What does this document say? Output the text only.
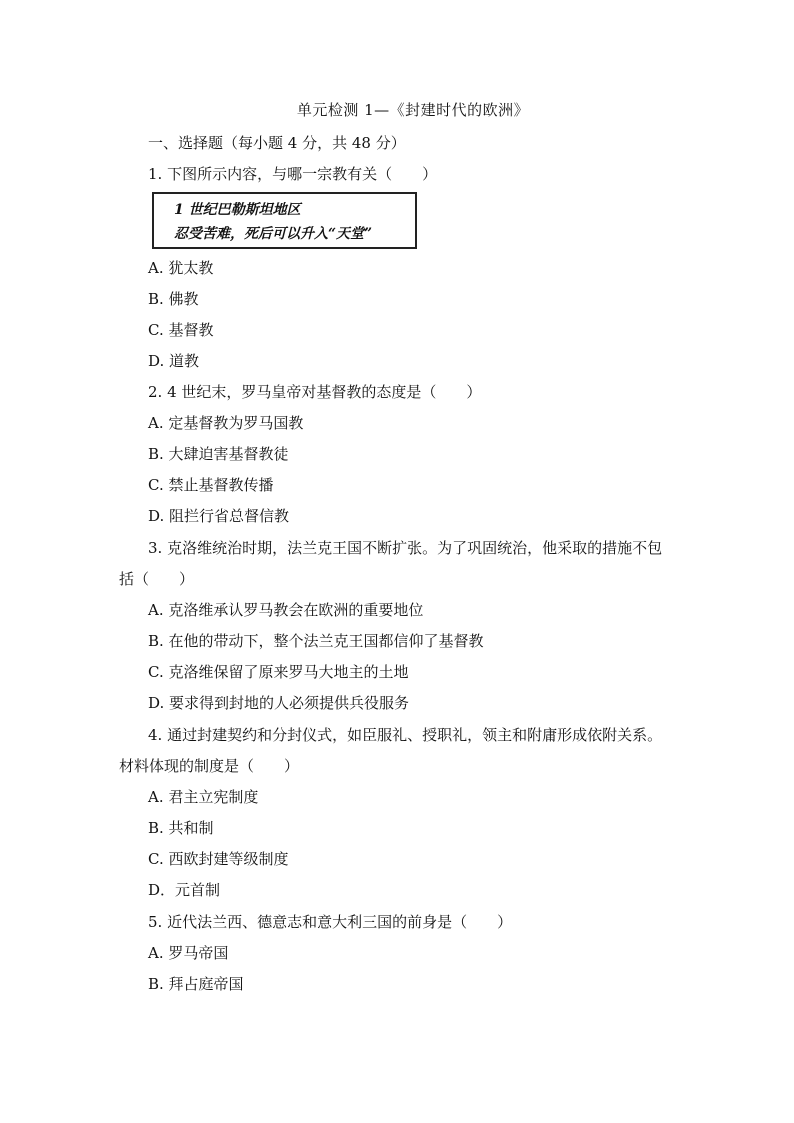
单元检测 1—《封建时代的欧洲》
一、选择题（每小题 4 分，共 48 分）
1. 下图所示内容，与哪一宗教有关（　　）
1 世纪巴勒斯坦地区
忍受苦难，死后可以升入“天堂”
A. 犹太教
B. 佛教
C. 基督教
D. 道教
2. 4 世纪末，罗马皇帝对基督教的态度是（　　）
A. 定基督教为罗马国教
B. 大肆迫害基督教徒
C. 禁止基督教传播
D. 阻拦行省总督信教
3. 克洛维统治时期，法兰克王国不断扩张。为了巩固统治，他采取的措施不包
括（　　）
A. 克洛维承认罗马教会在欧洲的重要地位
B. 在他的带动下，整个法兰克王国都信仰了基督教
C. 克洛维保留了原来罗马大地主的土地
D. 要求得到封地的人必须提供兵役服务
4. 通过封建契约和分封仪式，如臣服礼、授职礼，领主和附庸形成依附关系。
材料体现的制度是（　　）
A. 君主立宪制度
B. 共和制
C. 西欧封建等级制度
D．元首制
5. 近代法兰西、德意志和意大利三国的前身是（　　）
A. 罗马帝国
B. 拜占庭帝国
